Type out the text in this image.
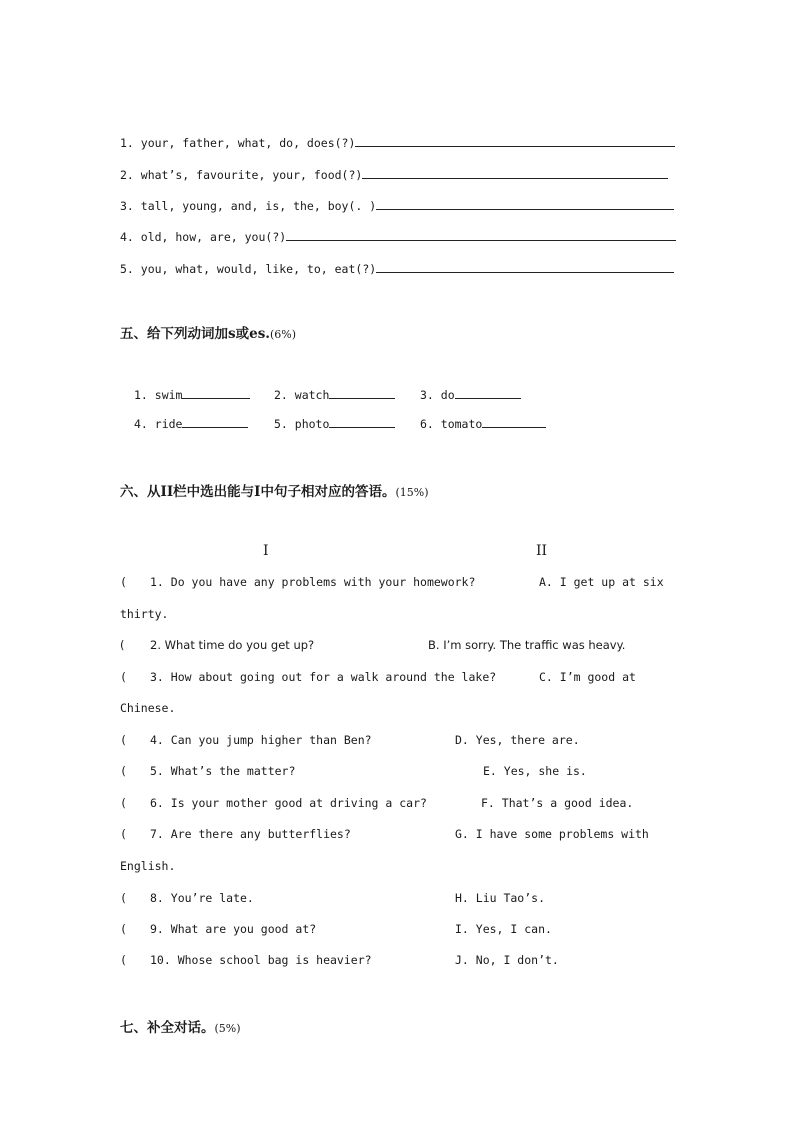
1. your, father, what, do, does(?)
2. what’s, favourite, your, food(?)
3. tall, young, and, is, the, boy(. )
4. old, how, are, you(?)
5. you, what, would, like, to, eat(?)
五、给下列动词加s或es.(6%)
1. swim	2. watch	3. do
4. ride	5. photo	6. tomato
六、从II栏中选出能与I中句子相对应的答语。(15%)
I	II
( 1. Do you have any problems with your homework?	A. I get up at six
thirty.
( 2. What time do you get up?	B. I’m sorry. The traffic was heavy.
( 3. How about going out for a walk around the lake?	C. I’m good at
Chinese.
( 4. Can you jump higher than Ben?	D. Yes, there are.
( 5. What’s the matter?	E. Yes, she is.
( 6. Is your mother good at driving a car?	F. That’s a good idea.
( 7. Are there any butterflies?	G. I have some problems with
English.
( 8. You’re late.	H. Liu Tao’s.
( 9. What are you good at?	I. Yes, I can.
( 10. Whose school bag is heavier?	J. No, I don’t.
七、补全对话。(5%)
